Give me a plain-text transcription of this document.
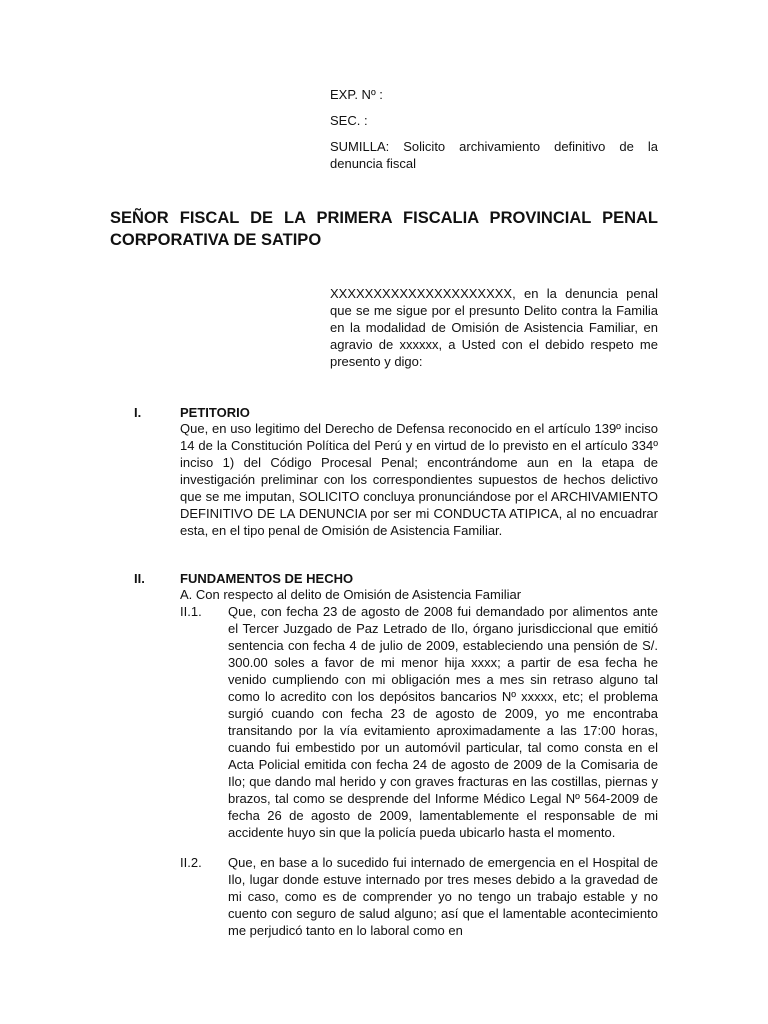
EXP. Nº :
SEC. :
SUMILLA: Solicito archivamiento definitivo de la denuncia fiscal
SEÑOR FISCAL DE LA PRIMERA FISCALIA PROVINCIAL PENAL CORPORATIVA DE SATIPO
XXXXXXXXXXXXXXXXXXXXX, en la denuncia penal que se me sigue por el presunto Delito contra la Familia en la modalidad de Omisión de Asistencia Familiar, en agravio de xxxxxx, a Usted con el debido respeto me presento y digo:
I.	PETITORIO
Que, en uso legitimo del Derecho de Defensa reconocido en el artículo 139º inciso 14 de la Constitución Política del Perú y en virtud de lo previsto en el artículo 334º inciso 1) del Código Procesal Penal; encontrándome aun en la etapa de investigación preliminar con los correspondientes supuestos de hechos delictivo que se me imputan, SOLICITO concluya pronunciándose por el ARCHIVAMIENTO DEFINITIVO DE LA DENUNCIA por ser mi CONDUCTA ATIPICA, al no encuadrar esta, en el tipo penal de Omisión de Asistencia Familiar.
II.	FUNDAMENTOS DE HECHO
A. Con respecto al delito de Omisión de Asistencia Familiar
II.1. Que, con fecha 23 de agosto de 2008 fui demandado por alimentos ante el Tercer Juzgado de Paz Letrado de Ilo, órgano jurisdiccional que emitió sentencia con fecha 4 de julio de 2009, estableciendo una pensión de S/. 300.00 soles a favor de mi menor hija xxxx; a partir de esa fecha he venido cumpliendo con mi obligación mes a mes sin retraso alguno tal como lo acredito con los depósitos bancarios Nº xxxxx, etc; el problema surgió cuando con fecha 23 de agosto de 2009, yo me encontraba transitando por la vía evitamiento aproximadamente a las 17:00 horas, cuando fui embestido por un automóvil particular, tal como consta en el Acta Policial emitida con fecha 24 de agosto de 2009 de la Comisaria de Ilo; que dando mal herido y con graves fracturas en las costillas, piernas y brazos, tal como se desprende del Informe Médico Legal Nº 564-2009 de fecha 26 de agosto de 2009, lamentablemente el responsable de mi accidente huyo sin que la policía pueda ubicarlo hasta el momento.
II.2. Que, en base a lo sucedido fui internado de emergencia en el Hospital de Ilo, lugar donde estuve internado por tres meses debido a la gravedad de mi caso, como es de comprender yo no tengo un trabajo estable y no cuento con seguro de salud alguno; así que el lamentable acontecimiento me perjudicó tanto en lo laboral como en
